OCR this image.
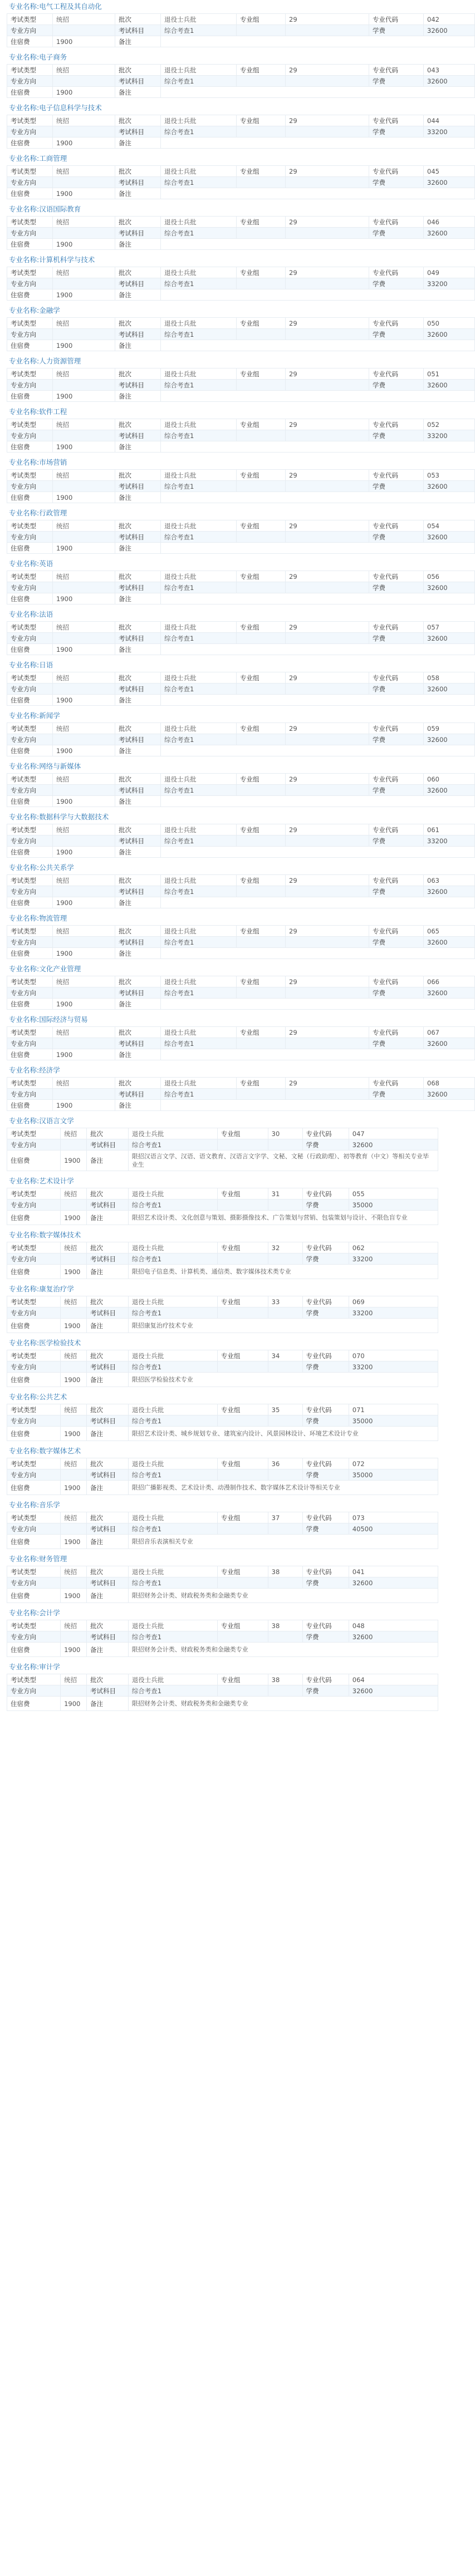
专业名称:电气工程及其自动化
考试类型	统招	批次	退役士兵批	专业组	29	专业代码	042
专业方向		考试科目	综合考查1			学费	32600
住宿费	1900	备注					
专业名称:电子商务
考试类型	统招	批次	退役士兵批	专业组	29	专业代码	043
专业方向		考试科目	综合考查1			学费	32600
住宿费	1900	备注					
专业名称:电子信息科学与技术
考试类型	统招	批次	退役士兵批	专业组	29	专业代码	044
专业方向		考试科目	综合考查1			学费	33200
住宿费	1900	备注					
专业名称:工商管理
考试类型	统招	批次	退役士兵批	专业组	29	专业代码	045
专业方向		考试科目	综合考查1			学费	32600
住宿费	1900	备注					
专业名称:汉语国际教育
考试类型	统招	批次	退役士兵批	专业组	29	专业代码	046
专业方向		考试科目	综合考查1			学费	32600
住宿费	1900	备注					
专业名称:计算机科学与技术
考试类型	统招	批次	退役士兵批	专业组	29	专业代码	049
专业方向		考试科目	综合考查1			学费	33200
住宿费	1900	备注					
专业名称:金融学
考试类型	统招	批次	退役士兵批	专业组	29	专业代码	050
专业方向		考试科目	综合考查1			学费	32600
住宿费	1900	备注					
专业名称:人力资源管理
考试类型	统招	批次	退役士兵批	专业组	29	专业代码	051
专业方向		考试科目	综合考查1			学费	32600
住宿费	1900	备注					
专业名称:软件工程
考试类型	统招	批次	退役士兵批	专业组	29	专业代码	052
专业方向		考试科目	综合考查1			学费	33200
住宿费	1900	备注					
专业名称:市场营销
考试类型	统招	批次	退役士兵批	专业组	29	专业代码	053
专业方向		考试科目	综合考查1			学费	32600
住宿费	1900	备注					
专业名称:行政管理
考试类型	统招	批次	退役士兵批	专业组	29	专业代码	054
专业方向		考试科目	综合考查1			学费	32600
住宿费	1900	备注					
专业名称:英语
考试类型	统招	批次	退役士兵批	专业组	29	专业代码	056
专业方向		考试科目	综合考查1			学费	32600
住宿费	1900	备注					
专业名称:法语
考试类型	统招	批次	退役士兵批	专业组	29	专业代码	057
专业方向		考试科目	综合考查1			学费	32600
住宿费	1900	备注					
专业名称:日语
考试类型	统招	批次	退役士兵批	专业组	29	专业代码	058
专业方向		考试科目	综合考查1			学费	32600
住宿费	1900	备注					
专业名称:新闻学
考试类型	统招	批次	退役士兵批	专业组	29	专业代码	059
专业方向		考试科目	综合考查1			学费	32600
住宿费	1900	备注					
专业名称:网络与新媒体
考试类型	统招	批次	退役士兵批	专业组	29	专业代码	060
专业方向		考试科目	综合考查1			学费	32600
住宿费	1900	备注					
专业名称:数据科学与大数据技术
考试类型	统招	批次	退役士兵批	专业组	29	专业代码	061
专业方向		考试科目	综合考查1			学费	33200
住宿费	1900	备注					
专业名称:公共关系学
考试类型	统招	批次	退役士兵批	专业组	29	专业代码	063
专业方向		考试科目	综合考查1			学费	32600
住宿费	1900	备注					
专业名称:物流管理
考试类型	统招	批次	退役士兵批	专业组	29	专业代码	065
专业方向		考试科目	综合考查1			学费	32600
住宿费	1900	备注					
专业名称:文化产业管理
考试类型	统招	批次	退役士兵批	专业组	29	专业代码	066
专业方向		考试科目	综合考查1			学费	32600
住宿费	1900	备注					
专业名称:国际经济与贸易
考试类型	统招	批次	退役士兵批	专业组	29	专业代码	067
专业方向		考试科目	综合考查1			学费	32600
住宿费	1900	备注					
专业名称:经济学
考试类型	统招	批次	退役士兵批	专业组	29	专业代码	068
专业方向		考试科目	综合考查1			学费	32600
住宿费	1900	备注					
专业名称:汉语言文学
考试类型	统招	批次	退役士兵批	专业组	30	专业代码	047
专业方向		考试科目	综合考查1			学费	32600
住宿费	1900	备注	限招汉语言文学、汉语、语文教育、汉语言文字学、文秘、文秘（行政助理）、初等教育（中文）等相关专业毕业生				
专业名称:艺术设计学
考试类型	统招	批次	退役士兵批	专业组	31	专业代码	055
专业方向		考试科目	综合考查1			学费	35000
住宿费	1900	备注	限招艺术设计类、文化创意与策划、摄影摄像技术、广告策划与营销、包装策划与设计、不限色盲专业				
专业名称:数字媒体技术
考试类型	统招	批次	退役士兵批	专业组	32	专业代码	062
专业方向		考试科目	综合考查1			学费	33200
住宿费	1900	备注	限招电子信息类、计算机类、通信类、数字媒体技术类专业				
专业名称:康复治疗学
考试类型	统招	批次	退役士兵批	专业组	33	专业代码	069
专业方向		考试科目	综合考查1			学费	33200
住宿费	1900	备注	限招康复治疗技术专业				
专业名称:医学检验技术
考试类型	统招	批次	退役士兵批	专业组	34	专业代码	070
专业方向		考试科目	综合考查1			学费	33200
住宿费	1900	备注	限招医学检验技术专业				
专业名称:公共艺术
考试类型	统招	批次	退役士兵批	专业组	35	专业代码	071
专业方向		考试科目	综合考查1			学费	35000
住宿费	1900	备注	限招艺术设计类、城乡规划专业、建筑室内设计、风景园林设计、环境艺术设计专业				
专业名称:数字媒体艺术
考试类型	统招	批次	退役士兵批	专业组	36	专业代码	072
专业方向		考试科目	综合考查1			学费	35000
住宿费	1900	备注	限招广播影视类、艺术设计类、动漫制作技术、数字媒体艺术设计等相关专业				
专业名称:音乐学
考试类型	统招	批次	退役士兵批	专业组	37	专业代码	073
专业方向		考试科目	综合考查1			学费	40500
住宿费	1900	备注	限招音乐表演相关专业				
专业名称:财务管理
考试类型	统招	批次	退役士兵批	专业组	38	专业代码	041
专业方向		考试科目	综合考查1			学费	32600
住宿费	1900	备注	限招财务会计类、财政税务类和金融类专业				
专业名称:会计学
考试类型	统招	批次	退役士兵批	专业组	38	专业代码	048
专业方向		考试科目	综合考查1			学费	32600
住宿费	1900	备注	限招财务会计类、财政税务类和金融类专业				
专业名称:审计学
考试类型	统招	批次	退役士兵批	专业组	38	专业代码	064
专业方向		考试科目	综合考查1			学费	32600
住宿费	1900	备注	限招财务会计类、财政税务类和金融类专业				
